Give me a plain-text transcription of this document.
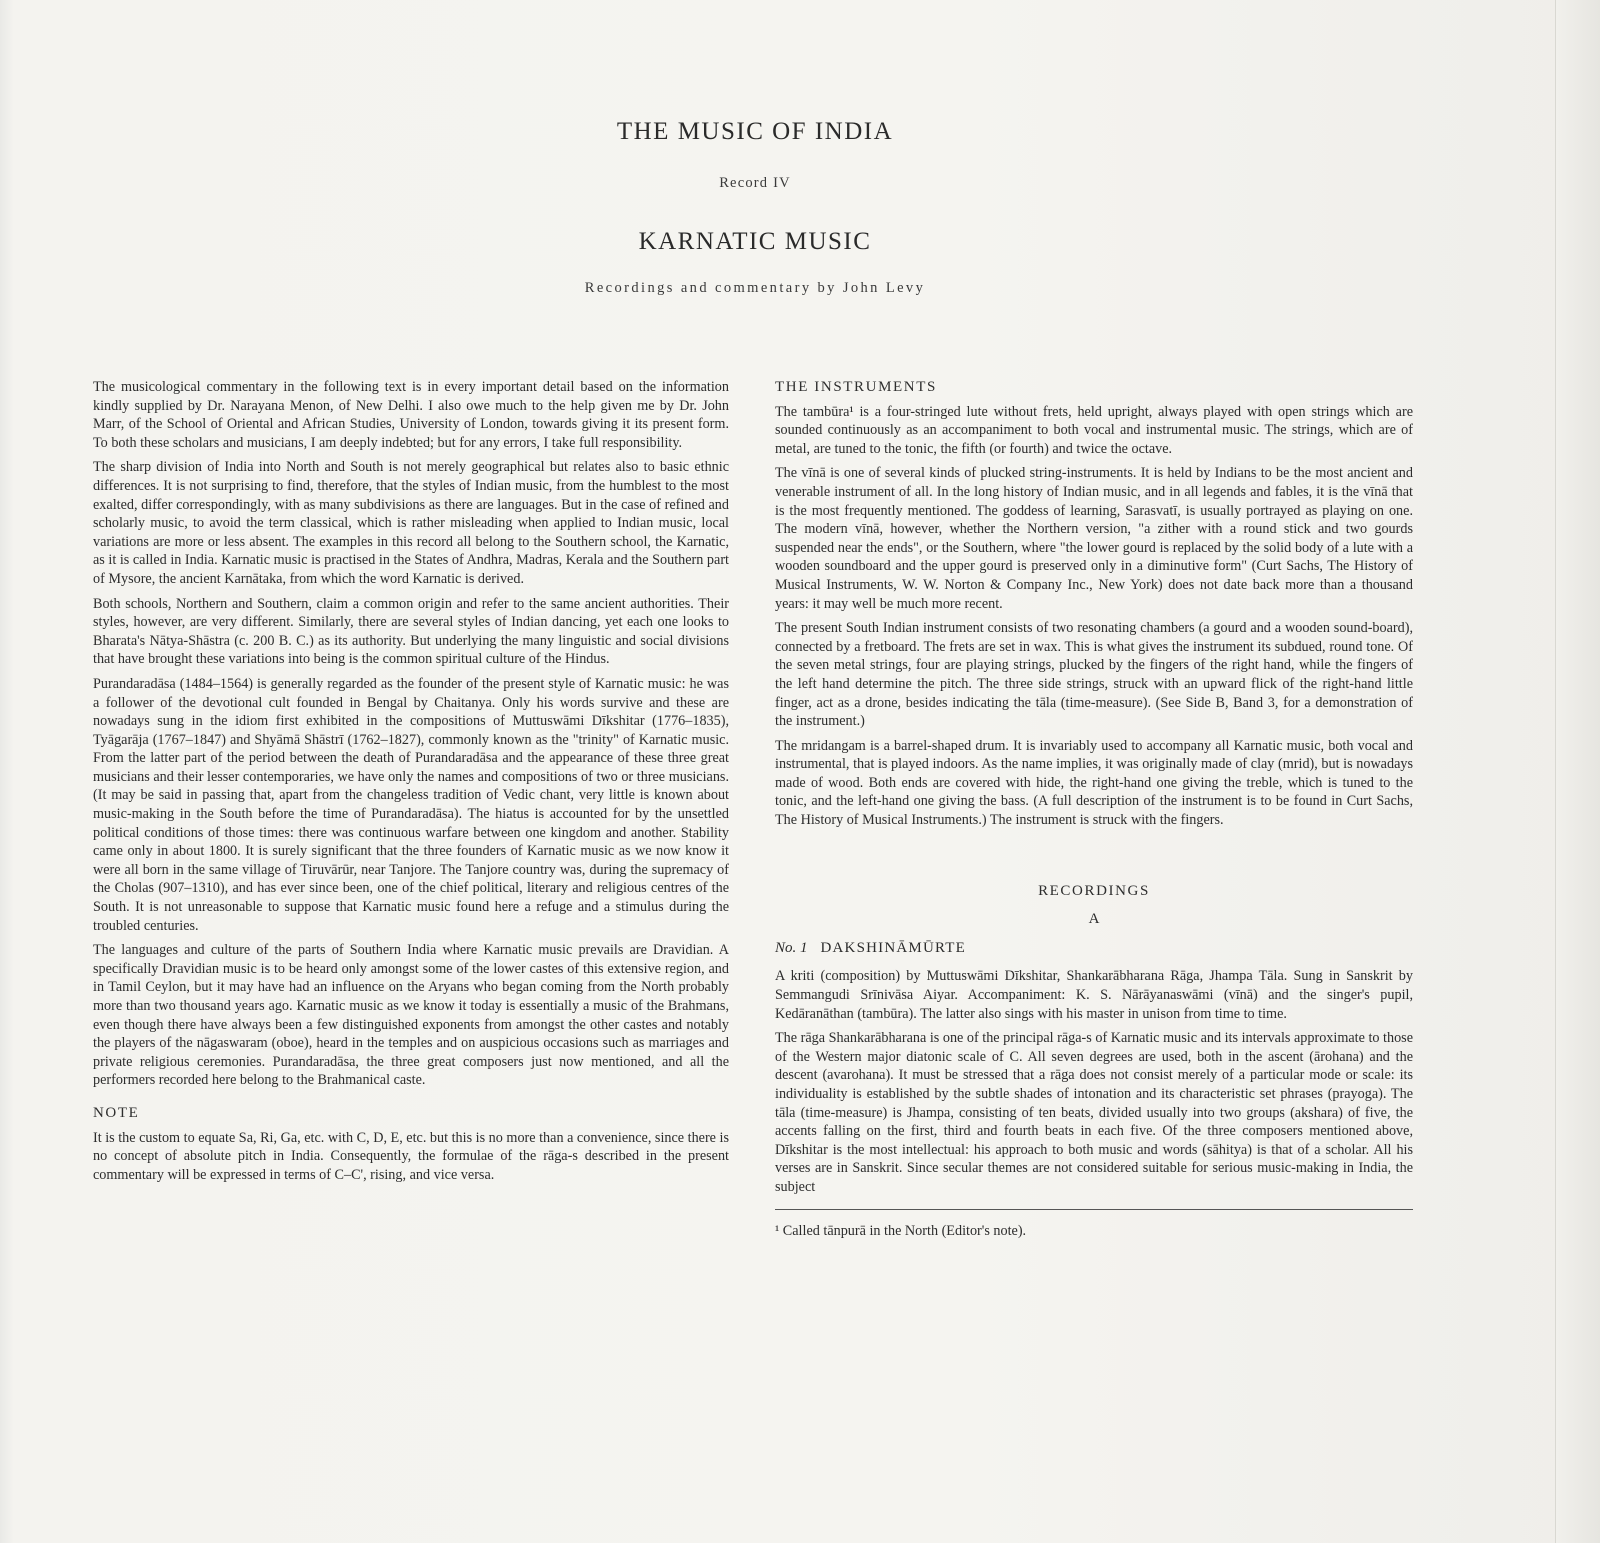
THE MUSIC OF INDIA
Record IV
KARNATIC MUSIC
Recordings and commentary by John Levy

The musicological commentary in the following text is in every important detail based on the information kindly supplied by Dr. Narayana Menon, of New Delhi. I also owe much to the help given me by Dr. John Marr, of the School of Oriental and African Studies, University of London, towards giving it its present form. To both these scholars and musicians, I am deeply indebted; but for any errors, I take full responsibility.

The sharp division of India into North and South is not merely geographical but relates also to basic ethnic differences. It is not surprising to find, therefore, that the styles of Indian music, from the humblest to the most exalted, differ correspondingly, with as many subdivisions as there are languages. But in the case of refined and scholarly music, to avoid the term classical, which is rather misleading when applied to Indian music, local variations are more or less absent. The examples in this record all belong to the Southern school, the Karnatic, as it is called in India. Karnatic music is practised in the States of Andhra, Madras, Kerala and the Southern part of Mysore, the ancient Karnātaka, from which the word Karnatic is derived.

Both schools, Northern and Southern, claim a common origin and refer to the same ancient authorities. Their styles, however, are very different. Similarly, there are several styles of Indian dancing, yet each one looks to Bharata's Nātya-Shāstra (c. 200 B. C.) as its authority. But underlying the many linguistic and social divisions that have brought these variations into being is the common spiritual culture of the Hindus.

Purandaradāsa (1484–1564) is generally regarded as the founder of the present style of Karnatic music: he was a follower of the devotional cult founded in Bengal by Chaitanya. Only his words survive and these are nowadays sung in the idiom first exhibited in the compositions of Muttuswāmi Dīkshitar (1776–1835), Tyāgarāja (1767–1847) and Shyāmā Shāstrī (1762–1827), commonly known as the "trinity" of Karnatic music. From the latter part of the period between the death of Purandaradāsa and the appearance of these three great musicians and their lesser contemporaries, we have only the names and compositions of two or three musicians. (It may be said in passing that, apart from the changeless tradition of Vedic chant, very little is known about music-making in the South before the time of Purandaradāsa). The hiatus is accounted for by the unsettled political conditions of those times: there was continuous warfare between one kingdom and another. Stability came only in about 1800. It is surely significant that the three founders of Karnatic music as we now know it were all born in the same village of Tiruvārūr, near Tanjore. The Tanjore country was, during the supremacy of the Cholas (907–1310), and has ever since been, one of the chief political, literary and religious centres of the South. It is not unreasonable to suppose that Karnatic music found here a refuge and a stimulus during the troubled centuries.

The languages and culture of the parts of Southern India where Karnatic music prevails are Dravidian. A specifically Dravidian music is to be heard only amongst some of the lower castes of this extensive region, and in Tamil Ceylon, but it may have had an influence on the Aryans who began coming from the North probably more than two thousand years ago. Karnatic music as we know it today is essentially a music of the Brahmans, even though there have always been a few distinguished exponents from amongst the other castes and notably the players of the nāgaswaram (oboe), heard in the temples and on auspicious occasions such as marriages and private religious ceremonies. Purandaradāsa, the three great composers just now mentioned, and all the performers recorded here belong to the Brahmanical caste.

NOTE

It is the custom to equate Sa, Ri, Ga, etc. with C, D, E, etc. but this is no more than a convenience, since there is no concept of absolute pitch in India. Consequently, the formulae of the rāga-s described in the present commentary will be expressed in terms of C–C', rising, and vice versa.

THE INSTRUMENTS

The tambūra¹ is a four-stringed lute without frets, held upright, always played with open strings which are sounded continuously as an accompaniment to both vocal and instrumental music. The strings, which are of metal, are tuned to the tonic, the fifth (or fourth) and twice the octave.

The vīnā is one of several kinds of plucked string-instruments. It is held by Indians to be the most ancient and venerable instrument of all. In the long history of Indian music, and in all legends and fables, it is the vīnā that is the most frequently mentioned. The goddess of learning, Sarasvatī, is usually portrayed as playing on one. The modern vīnā, however, whether the Northern version, "a zither with a round stick and two gourds suspended near the ends", or the Southern, where "the lower gourd is replaced by the solid body of a lute with a wooden soundboard and the upper gourd is preserved only in a diminutive form" (Curt Sachs, The History of Musical Instruments, W. W. Norton & Company Inc., New York) does not date back more than a thousand years: it may well be much more recent.

The present South Indian instrument consists of two resonating chambers (a gourd and a wooden sound-board), connected by a fretboard. The frets are set in wax. This is what gives the instrument its subdued, round tone. Of the seven metal strings, four are playing strings, plucked by the fingers of the right hand, while the fingers of the left hand determine the pitch. The three side strings, struck with an upward flick of the right-hand little finger, act as a drone, besides indicating the tāla (time-measure). (See Side B, Band 3, for a demonstration of the instrument.)

The mridangam is a barrel-shaped drum. It is invariably used to accompany all Karnatic music, both vocal and instrumental, that is played indoors. As the name implies, it was originally made of clay (mrid), but is nowadays made of wood. Both ends are covered with hide, the right-hand one giving the treble, which is tuned to the tonic, and the left-hand one giving the bass. (A full description of the instrument is to be found in Curt Sachs, The History of Musical Instruments.) The instrument is struck with the fingers.

RECORDINGS
A
No. 1 DAKSHINĀMŪRTE

A kriti (composition) by Muttuswāmi Dīkshitar, Shankarābharana Rāga, Jhampa Tāla. Sung in Sanskrit by Semmangudi Srīnivāsa Aiyar. Accompaniment: K. S. Nārāyanaswāmi (vīnā) and the singer's pupil, Kedāranāthan (tambūra). The latter also sings with his master in unison from time to time.

The rāga Shankarābharana is one of the principal rāga-s of Karnatic music and its intervals approximate to those of the Western major diatonic scale of C. All seven degrees are used, both in the ascent (ārohana) and the descent (avarohana). It must be stressed that a rāga does not consist merely of a particular mode or scale: its individuality is established by the subtle shades of intonation and its characteristic set phrases (prayoga). The tāla (time-measure) is Jhampa, consisting of ten beats, divided usually into two groups (akshara) of five, the accents falling on the first, third and fourth beats in each five. Of the three composers mentioned above, Dīkshitar is the most intellectual: his approach to both music and words (sāhitya) is that of a scholar. All his verses are in Sanskrit. Since secular themes are not considered suitable for serious music-making in India, the subject

¹ Called tānpurā in the North (Editor's note).
